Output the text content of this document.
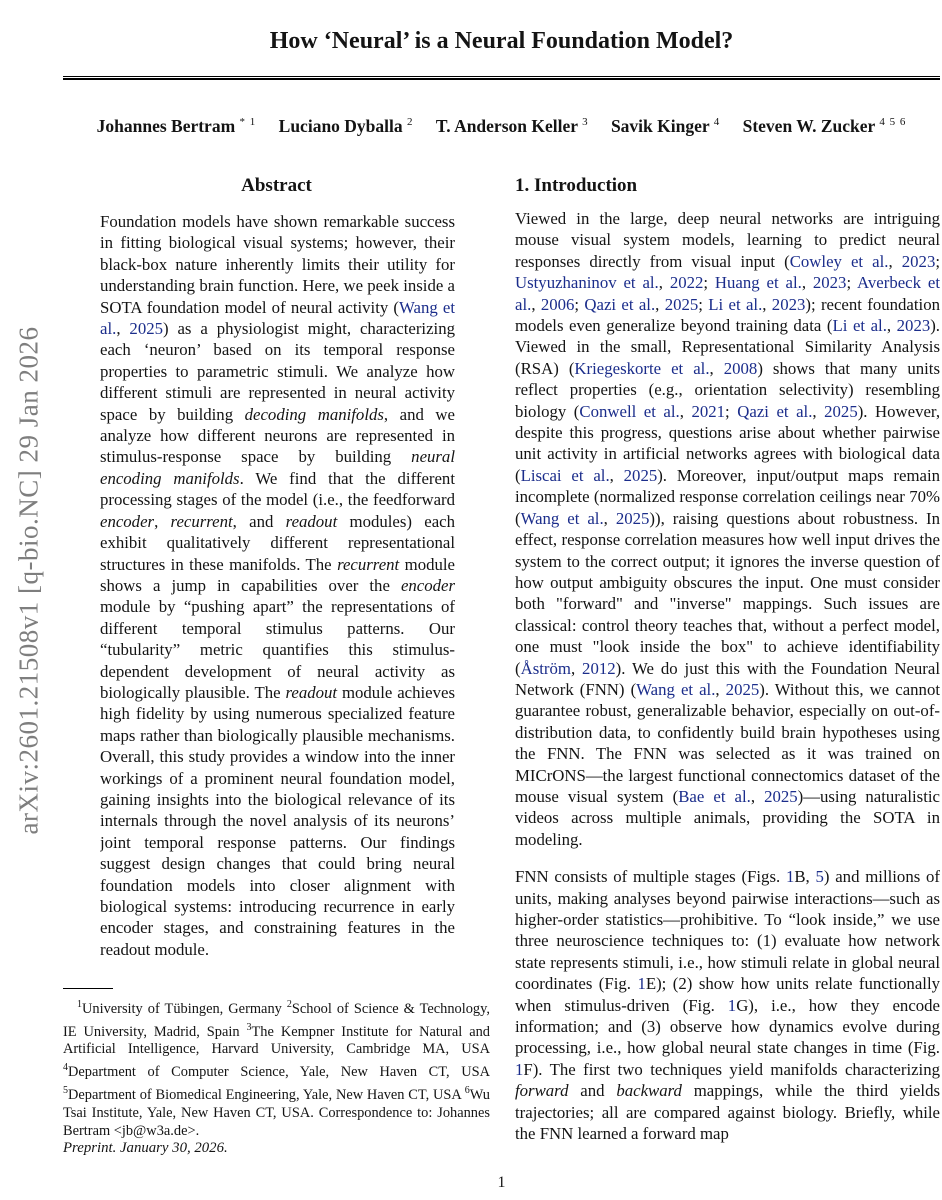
arXiv:2601.21508v1 [q-bio.NC] 29 Jan 2026
How ‘Neural’ is a Neural Foundation Model?
Johannes Bertram $^{* 1}$ Luciano Dyballa $^2$ T. Anderson Keller $^3$ Savik Kinger $^4$ Steven W. Zucker $^{4 5 6}$
Abstract

Foundation models have shown remarkable success in fitting biological visual systems; however, their black-box nature inherently limits their utility for understanding brain function. Here, we peek inside a SOTA foundation model of neural activity (Wang et al., 2025) as a physiologist might, characterizing each ‘neuron’ based on its temporal response properties to parametric stimuli. We analyze how different stimuli are represented in neural activity space by building decoding manifolds, and we analyze how different neurons are represented in stimulus-response space by building neural encoding manifolds. We find that the different processing stages of the model (i.e., the feedforward encoder, recurrent, and readout modules) each exhibit qualitatively different representational structures in these manifolds. The recurrent module shows a jump in capabilities over the encoder module by “pushing apart” the representations of different temporal stimulus patterns. Our “tubularity” metric quantifies this stimulus-dependent development of neural activity as biologically plausible. The readout module achieves high fidelity by using numerous specialized feature maps rather than biologically plausible mechanisms. Overall, this study provides a window into the inner workings of a prominent neural foundation model, gaining insights into the biological relevance of its internals through the novel analysis of its neurons’ joint temporal response patterns. Our findings suggest design changes that could bring neural foundation models into closer alignment with biological systems: introducing recurrence in early encoder stages, and constraining features in the readout module.

$^1$University of Tübingen, Germany $^2$School of Science & Technology, IE University, Madrid, Spain $^3$The Kempner Institute for Natural and Artificial Intelligence, Harvard University, Cambridge MA, USA $^4$Department of Computer Science, Yale, New Haven CT, USA $^5$Department of Biomedical Engineering, Yale, New Haven CT, USA $^6$Wu Tsai Institute, Yale, New Haven CT, USA. Correspondence to: Johannes Bertram <jb@w3a.de>.

Preprint. January 30, 2026.
1. Introduction

Viewed in the large, deep neural networks are intriguing mouse visual system models, learning to predict neural responses directly from visual input (Cowley et al., 2023; Ustyuzhaninov et al., 2022; Huang et al., 2023; Averbeck et al., 2006; Qazi et al., 2025; Li et al., 2023); recent foundation models even generalize beyond training data (Li et al., 2023). Viewed in the small, Representational Similarity Analysis (RSA) (Kriegeskorte et al., 2008) shows that many units reflect properties (e.g., orientation selectivity) resembling biology (Conwell et al., 2021; Qazi et al., 2025). However, despite this progress, questions arise about whether pairwise unit activity in artificial networks agrees with biological data (Liscai et al., 2025). Moreover, input/output maps remain incomplete (normalized response correlation ceilings near 70% (Wang et al., 2025)), raising questions about robustness. In effect, response correlation measures how well input drives the system to the correct output; it ignores the inverse question of how output ambiguity obscures the input. One must consider both "forward" and "inverse" mappings. Such issues are classical: control theory teaches that, without a perfect model, one must "look inside the box" to achieve identifiability (Åström, 2012). We do just this with the Foundation Neural Network (FNN) (Wang et al., 2025). Without this, we cannot guarantee robust, generalizable behavior, especially on out-of-distribution data, to confidently build brain hypotheses using the FNN. The FNN was selected as it was trained on MICrONS—the largest functional connectomics dataset of the mouse visual system (Bae et al., 2025)—using naturalistic videos across multiple animals, providing the SOTA in modeling.

FNN consists of multiple stages (Figs. 1B, 5) and millions of units, making analyses beyond pairwise interactions—such as higher-order statistics—prohibitive. To “look inside,” we use three neuroscience techniques to: (1) evaluate how network state represents stimuli, i.e., how stimuli relate in global neural coordinates (Fig. 1E); (2) show how units relate functionally when stimulus-driven (Fig. 1G), i.e., how they encode information; and (3) observe how dynamics evolve during processing, i.e., how global neural state changes in time (Fig. 1F). The first two techniques yield manifolds characterizing forward and backward mappings, while the third yields trajectories; all are compared against biology. Briefly, while the FNN learned a forward map

1
